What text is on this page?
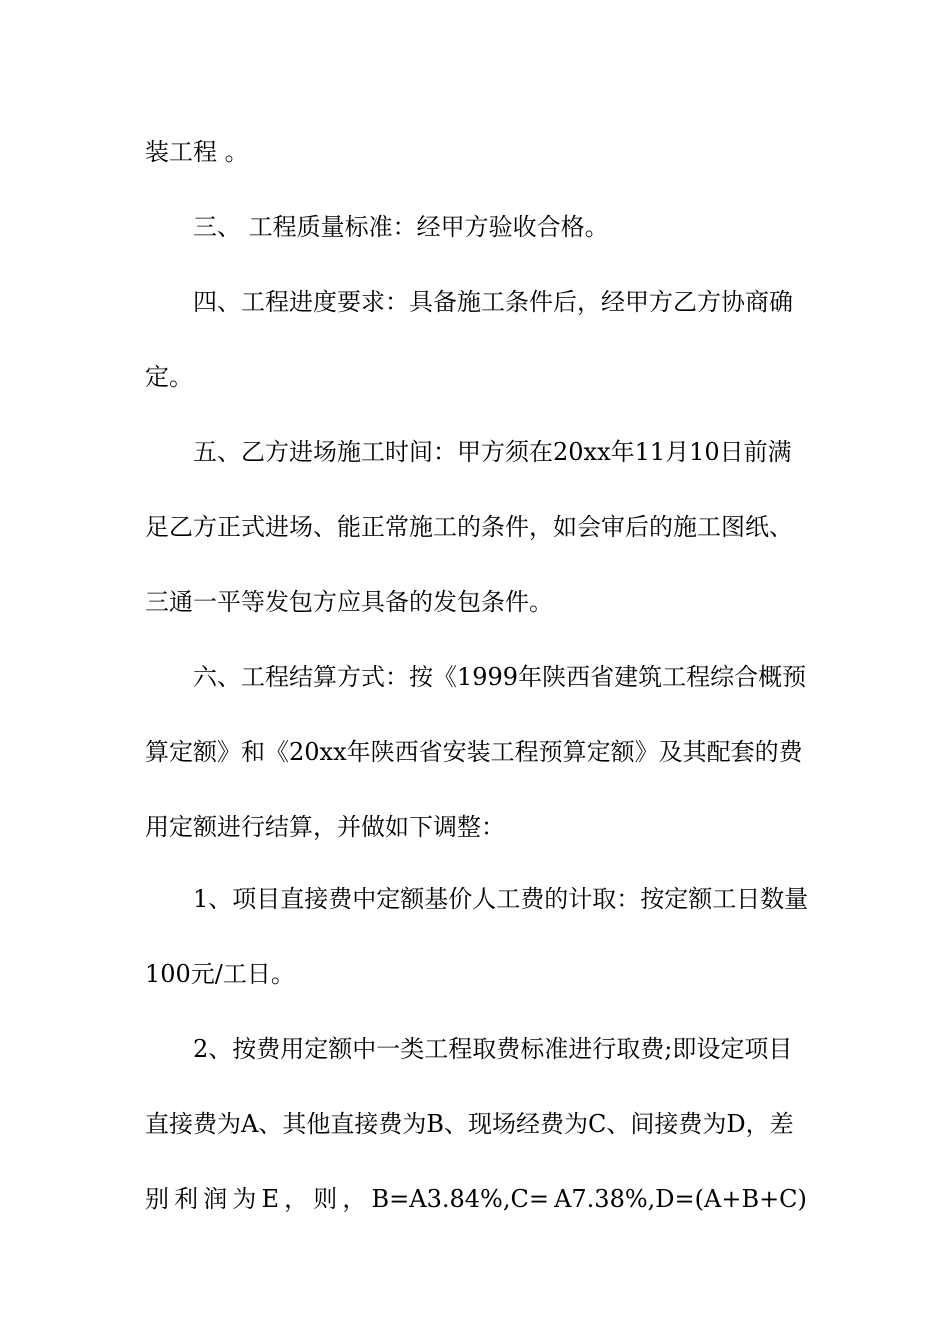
装工程 。
三、 工程质量标准：经甲方验收合格。
四、工程进度要求：具备施工条件后，经甲方乙方协商确
定。
五、乙方进场施工时间：甲方须在20xx年11月10日前满
足乙方正式进场、能正常施工的条件，如会审后的施工图纸、
三通一平等发包方应具备的发包条件。
六、工程结算方式：按《1999年陕西省建筑工程综合概预
算定额》和《20xx年陕西省安装工程预算定额》及其配套的费
用定额进行结算，并做如下调整：
1、项目直接费中定额基价人工费的计取：按定额工日数量
100元/工日。
2、按费用定额中一类工程取费标准进行取费;即设定项目
直接费为A、其他直接费为B、现场经费为C、间接费为D，差
别 利 润 为 E ， 则 ， B=A3.84%,C= A7.38%,D=(A+B+C)
